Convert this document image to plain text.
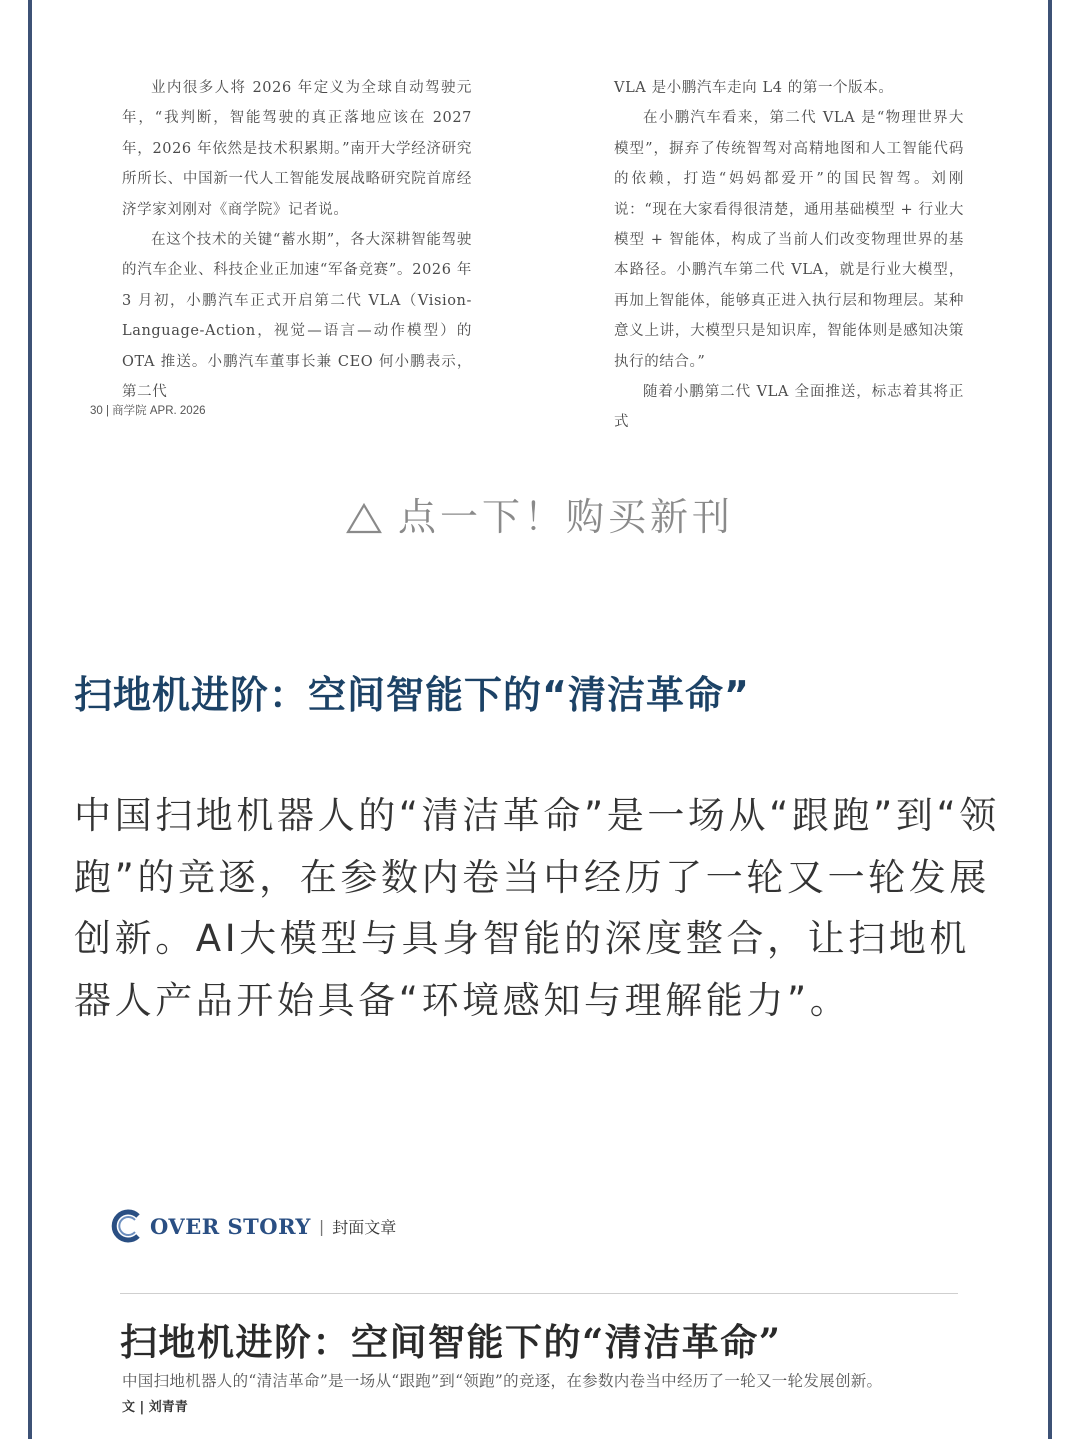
业内很多人将 2026 年定义为全球自动驾驶元年，“我判断，智能驾驶的真正落地应该在 2027 年，2026 年依然是技术积累期。”南开大学经济研究所所长、中国新一代人工智能发展战略研究院首席经济学家刘刚对《商学院》记者说。

在这个技术的关键“蓄水期”，各大深耕智能驾驶的汽车企业、科技企业正加速“军备竞赛”。2026 年 3 月初，小鹏汽车正式开启第二代 VLA（Vision-Language-Action，视觉—语言—动作模型）的 OTA 推送。小鹏汽车董事长兼 CEO 何小鹏表示，第二代

VLA 是小鹏汽车走向 L4 的第一个版本。

在小鹏汽车看来，第二代 VLA 是“物理世界大模型”，摒弃了传统智驾对高精地图和人工智能代码的依赖，打造“妈妈都爱开”的国民智驾。刘刚说：“现在大家看得很清楚，通用基础模型 + 行业大模型 + 智能体，构成了当前人们改变物理世界的基本路径。小鹏汽车第二代 VLA，就是行业大模型，再加上智能体，能够真正进入执行层和物理层。某种意义上讲，大模型只是知识库，智能体则是感知决策执行的结合。”

随着小鹏第二代 VLA 全面推送，标志着其将正式

30 | 商学院 APR. 2026
点一下！购买新刊
扫地机进阶：空间智能下的“清洁革命”
中国扫地机器人的“清洁革命”是一场从“跟跑”到“领跑”的竞逐，在参数内卷当中经历了一轮又一轮发展创新。AI大模型与具身智能的深度整合，让扫地机器人产品开始具备“环境感知与理解能力”。
OVER STORY | 封面文章
扫地机进阶：空间智能下的“清洁革命”
中国扫地机器人的“清洁革命”是一场从“跟跑”到“领跑”的竞逐，在参数内卷当中经历了一轮又一轮发展创新。
文 | 刘青青
